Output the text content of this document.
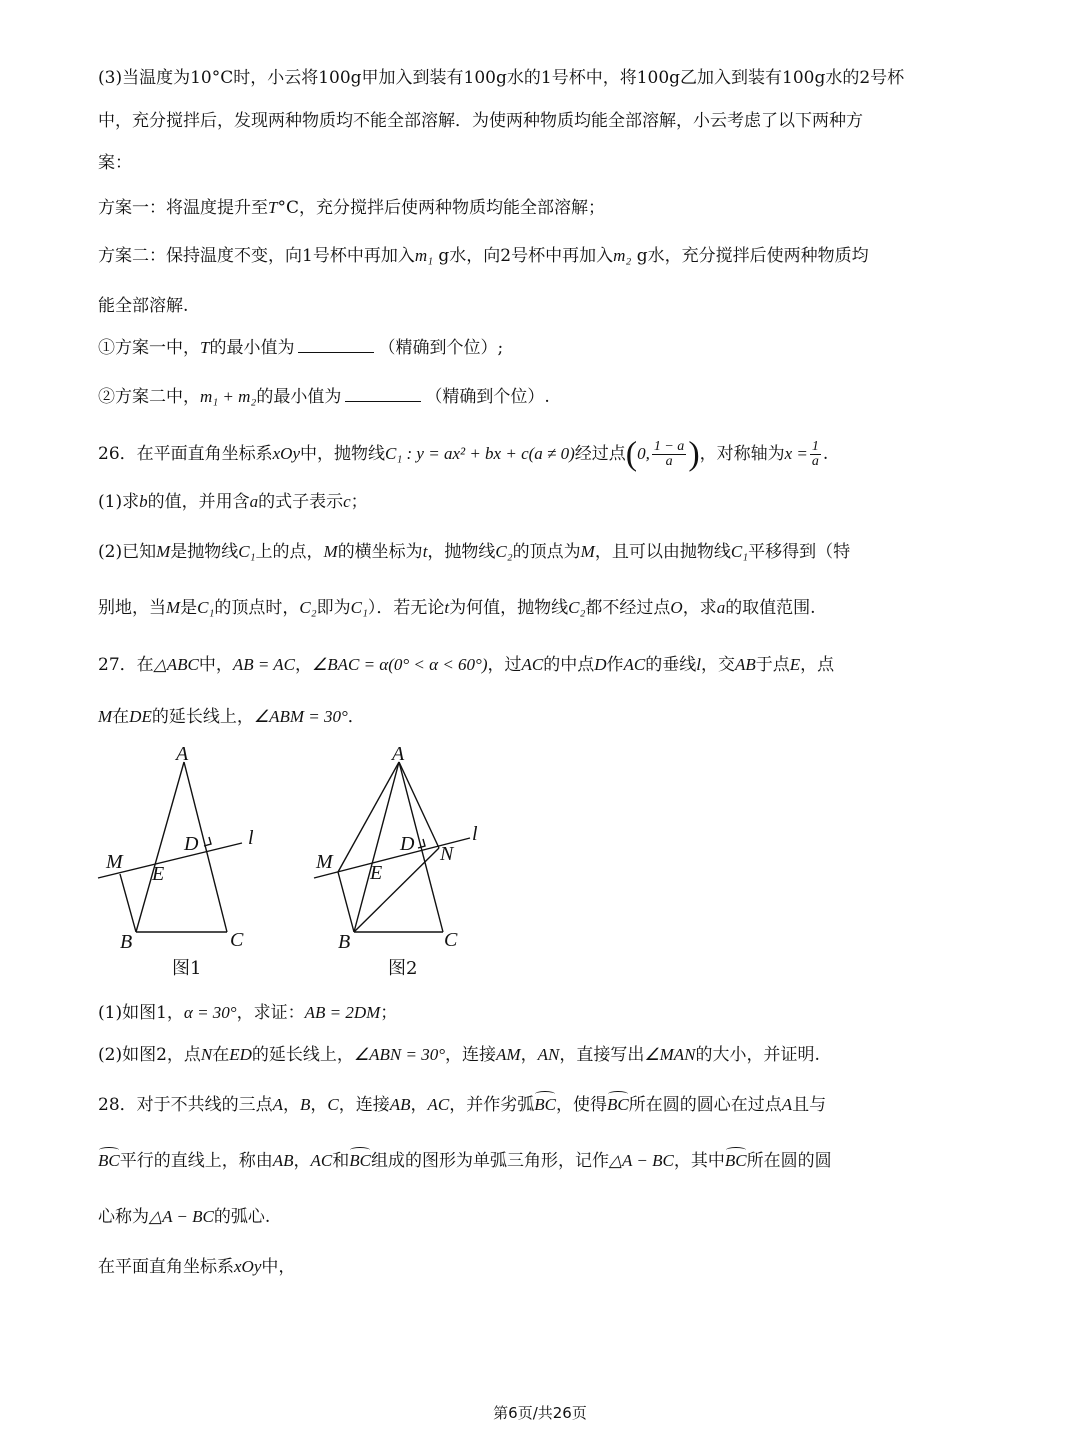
(3)当温度为10°C时，小云将100g甲加入到装有100g水的1号杯中，将100g乙加入到装有100g水的2号杯
中，充分搅拌后，发现两种物质均不能全部溶解．为使两种物质均能全部溶解，小云考虑了以下两种方
案：
方案一：将温度提升至T°C，充分搅拌后使两种物质均能全部溶解；
方案二：保持温度不变，向1号杯中再加入m₁ g水，向2号杯中再加入m₂ g水，充分搅拌后使两种物质均
能全部溶解.
①方案一中，T的最小值为	（精确到个位）;
②方案二中，m₁ + m₂的最小值为	（精确到个位）.
26．在平面直角坐标系xOy中，抛物线C₁ : y = ax² + bx + c(a ≠ 0)经过点(0, $\frac{1 - a}{a}$ )，对称轴为$x = \frac{1}{a}$ .
(1)求b的值，并用含a的式子表示c；
(2)已知M是抛物线C₁上的点，M的横坐标为t，抛物线C₂的顶点为M，且可以由抛物线C₁平移得到（特
别地，当M是C₁的顶点时，C₂即为C₁）．若无论t为何值，抛物线C₂都不经过点O，求a的取值范围.
27．在△ABC中，AB = AC，∠BAC = α(0° < α < 60°)，过AC的中点D作AC的垂线l，交AB于点E，点
M在DE的延长线上，∠ABM = 30°．
A
B	C
D
E
M
l
图1
A
B	C
D
E
M	N
l
图2
(1)如图1，α = 30°，求证：AB = 2DM；
(2)如图2，点N在ED的延长线上，∠ABN = 30°，连接AM，AN，直接写出∠MAN的大小，并证明.
28．对于不共线的三点A，B，C，连接AB，AC，并作劣弧BC，使得BC所在圆的圆心在过点A且与
BC平行的直线上，称由AB，AC和BC组成的图形为单弧三角形，记作△A − BC，其中BC所在圆的圆
心称为△A − BC的弧心.
在平面直角坐标系xOy中，
第6页/共26页
